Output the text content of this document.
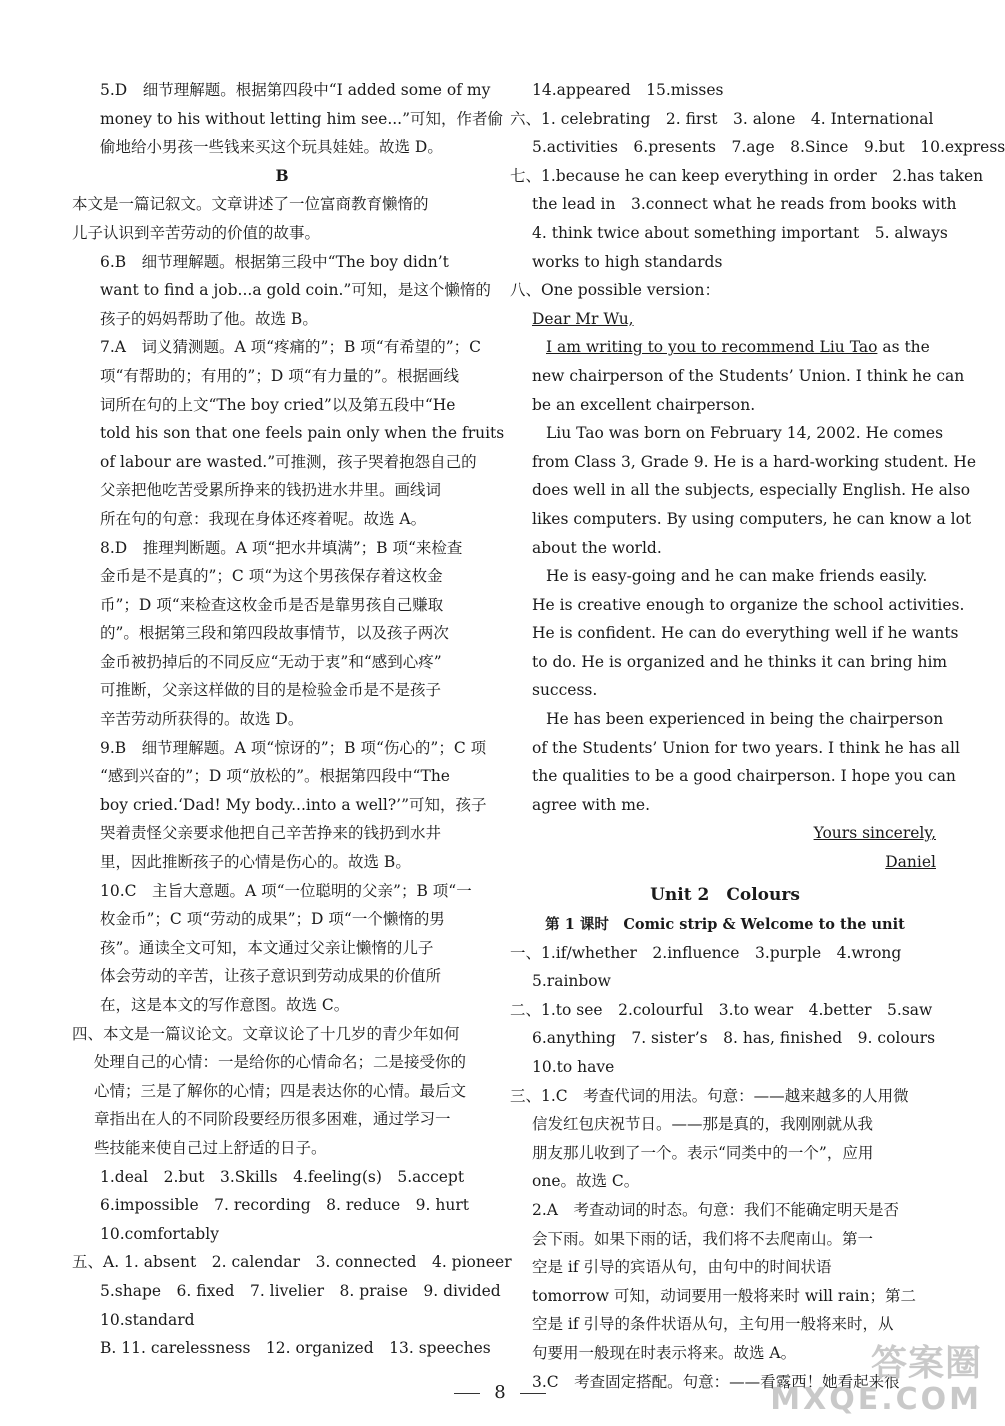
5.D　细节理解题。根据第四段中“I added some of my
money to his without letting him see...”可知，作者偷
偷地给小男孩一些钱来买这个玩具娃娃。故选 D。
B
本文是一篇记叙文。文章讲述了一位富商教育懒惰的
儿子认识到辛苦劳动的价值的故事。
6.B　细节理解题。根据第三段中“The boy didn’t
want to find a job...a gold coin.”可知，是这个懒惰的
孩子的妈妈帮助了他。故选 B。
7.A　词义猜测题。A 项“疼痛的”；B 项“有希望的”；C
项“有帮助的；有用的”；D 项“有力量的”。根据画线
词所在句的上文“The boy cried”以及第五段中“He
told his son that one feels pain only when the fruits
of labour are wasted.”可推测，孩子哭着抱怨自己的
父亲把他吃苦受累所挣来的钱扔进水井里。画线词
所在句的句意：我现在身体还疼着呢。故选 A。
8.D　推理判断题。A 项“把水井填满”；B 项“来检查
金币是不是真的”；C 项“为这个男孩保存着这枚金
币”；D 项“来检查这枚金币是否是靠男孩自己赚取
的”。根据第三段和第四段故事情节，以及孩子两次
金币被扔掉后的不同反应“无动于衷”和“感到心疼”
可推断，父亲这样做的目的是检验金币是不是孩子
辛苦劳动所获得的。故选 D。
9.B　细节理解题。A 项“惊讶的”；B 项“伤心的”；C 项
“感到兴奋的”；D 项“放松的”。根据第四段中“The
boy cried.‘Dad! My body...into a well?’”可知，孩子
哭着责怪父亲要求他把自己辛苦挣来的钱扔到水井
里，因此推断孩子的心情是伤心的。故选 B。
10.C　主旨大意题。A 项“一位聪明的父亲”；B 项“一
枚金币”；C 项“劳动的成果”；D 项“一个懒惰的男
孩”。通读全文可知，本文通过父亲让懒惰的儿子
体会劳动的辛苦，让孩子意识到劳动成果的价值所
在，这是本文的写作意图。故选 C。
四、本文是一篇议论文。文章议论了十几岁的青少年如何
处理自己的心情：一是给你的心情命名；二是接受你的
心情；三是了解你的心情；四是表达你的心情。最后文
章指出在人的不同阶段要经历很多困难，通过学习一
些技能来使自己过上舒适的日子。
1.deal　2.but　3.Skills　4.feeling(s)　5.accept
6.impossible　7. recording　8. reduce　9. hurt
10.comfortably
五、A. 1. absent　2. calendar　3. connected　4. pioneer
5.shape　6. fixed　7. livelier　8. praise　9. divided
10.standard
B. 11. carelessness　12. organized　13. speeches
14.appeared　15.misses
六、1. celebrating　2. first　3. alone　4. International
5.activities　6.presents　7.age　8.Since　9.but　10.express
七、1.because he can keep everything in order　2.has taken
the lead in　3.connect what he reads from books with
4. think twice about something important　5. always
works to high standards
八、One possible version：
Dear Mr Wu,
I am writing to you to recommend Liu Tao as the
new chairperson of the Students’ Union. I think he can
be an excellent chairperson.
Liu Tao was born on February 14, 2002. He comes
from Class 3, Grade 9. He is a hard-working student. He
does well in all the subjects, especially English. He also
likes computers. By using computers, he can know a lot
about the world.
He is easy-going and he can make friends easily.
He is creative enough to organize the school activities.
He is confident. He can do everything well if he wants
to do. He is organized and he thinks it can bring him
success.
He has been experienced in being the chairperson
of the Students’ Union for two years. I think he has all
the qualities to be a good chairperson. I hope you can
agree with me.
Yours sincerely,
Daniel
Unit 2　Colours
第 1 课时　Comic strip & Welcome to the unit
一、1.if/whether　2.influence　3.purple　4.wrong
5.rainbow
二、1.to see　2.colourful　3.to wear　4.better　5.saw
6.anything　7. sister’s　8. has, finished　9. colours
10.to have
三、1.C　考查代词的用法。句意：——越来越多的人用微
信发红包庆祝节日。——那是真的，我刚刚就从我
朋友那儿收到了一个。表示“同类中的一个”，应用
one。故选 C。
2.A　考查动词的时态。句意：我们不能确定明天是否
会下雨。如果下雨的话，我们将不去爬南山。第一
空是 if 引导的宾语从句，由句中的时间状语
tomorrow 可知，动词要用一般将来时 will rain；第二
空是 if 引导的条件状语从句，主句用一般将来时，从
句要用一般现在时表示将来。故选 A。
3.C　考查固定搭配。句意：——看露西！她看起来很
8
答案圈
MXQE.COM
